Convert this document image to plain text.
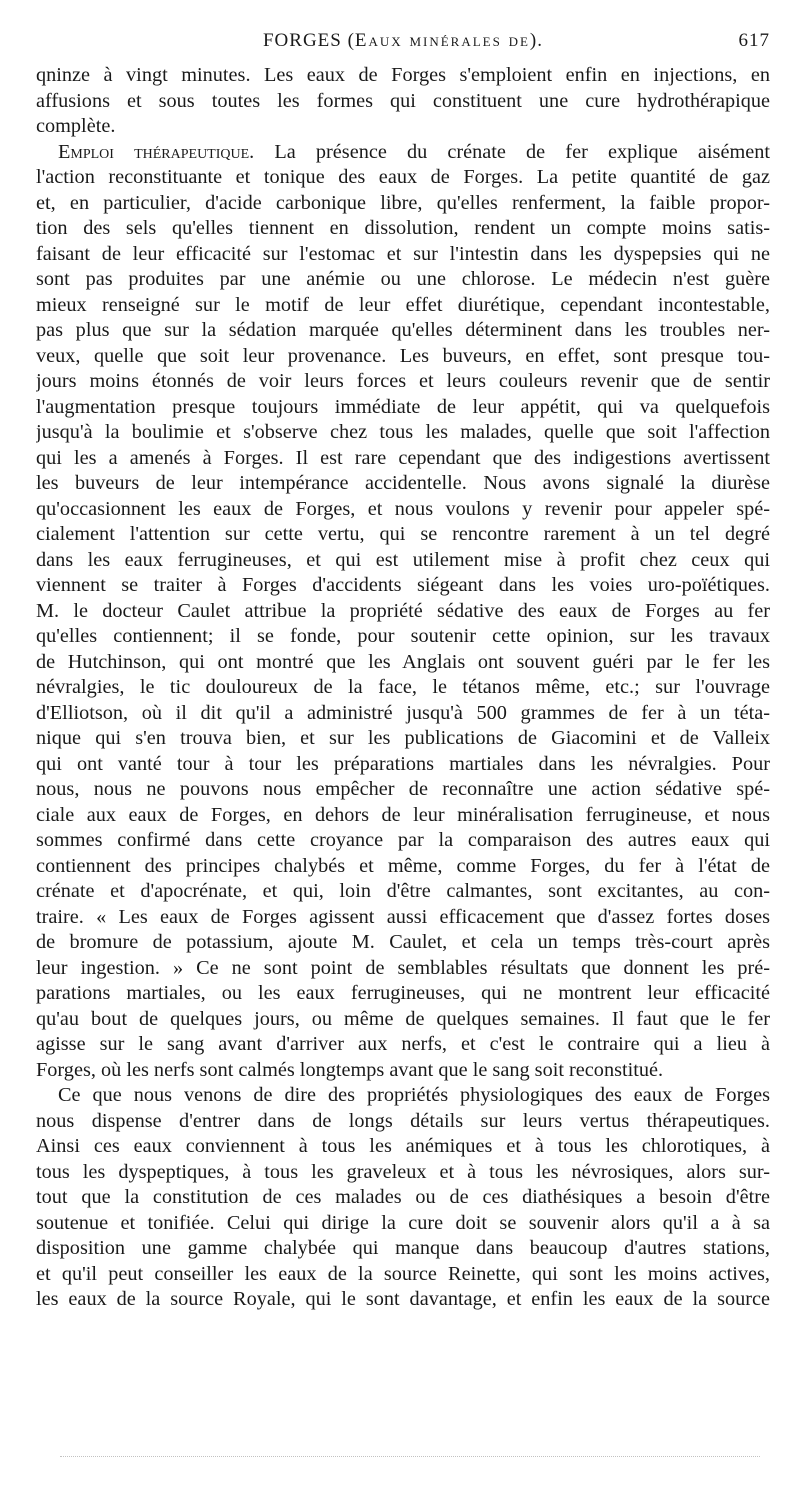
FORGES (Eaux minérales de).	617
qninze à vingt minutes. Les eaux de Forges s'emploient enfin en injections, en
affusions et sous toutes les formes qui constituent une cure hydrothérapique
complète.
Emploi thérapeutique. La présence du crénate de fer explique aisément
l'action reconstituante et tonique des eaux de Forges. La petite quantité de gaz
et, en particulier, d'acide carbonique libre, qu'elles renferment, la faible propor-
tion des sels qu'elles tiennent en dissolution, rendent un compte moins satis-
faisant de leur efficacité sur l'estomac et sur l'intestin dans les dyspepsies qui ne
sont pas produites par une anémie ou une chlorose. Le médecin n'est guère
mieux renseigné sur le motif de leur effet diurétique, cependant incontestable,
pas plus que sur la sédation marquée qu'elles déterminent dans les troubles ner-
veux, quelle que soit leur provenance. Les buveurs, en effet, sont presque tou-
jours moins étonnés de voir leurs forces et leurs couleurs revenir que de sentir
l'augmentation presque toujours immédiate de leur appétit, qui va quelquefois
jusqu'à la boulimie et s'observe chez tous les malades, quelle que soit l'affection
qui les a amenés à Forges. Il est rare cependant que des indigestions avertissent
les buveurs de leur intempérance accidentelle. Nous avons signalé la diurèse
qu'occasionnent les eaux de Forges, et nous voulons y revenir pour appeler spé-
cialement l'attention sur cette vertu, qui se rencontre rarement à un tel degré
dans les eaux ferrugineuses, et qui est utilement mise à profit chez ceux qui
viennent se traiter à Forges d'accidents siégeant dans les voies uro-poïétiques.
M. le docteur Caulet attribue la propriété sédative des eaux de Forges au fer
qu'elles contiennent; il se fonde, pour soutenir cette opinion, sur les travaux
de Hutchinson, qui ont montré que les Anglais ont souvent guéri par le fer les
névralgies, le tic douloureux de la face, le tétanos même, etc.; sur l'ouvrage
d'Elliotson, où il dit qu'il a administré jusqu'à 500 grammes de fer à un téta-
nique qui s'en trouva bien, et sur les publications de Giacomini et de Valleix
qui ont vanté tour à tour les préparations martiales dans les névralgies. Pour
nous, nous ne pouvons nous empêcher de reconnaître une action sédative spé-
ciale aux eaux de Forges, en dehors de leur minéralisation ferrugineuse, et nous
sommes confirmé dans cette croyance par la comparaison des autres eaux qui
contiennent des principes chalybés et même, comme Forges, du fer à l'état de
crénate et d'apocrénate, et qui, loin d'être calmantes, sont excitantes, au con-
traire. « Les eaux de Forges agissent aussi efficacement que d'assez fortes doses
de bromure de potassium, ajoute M. Caulet, et cela un temps très-court après
leur ingestion. » Ce ne sont point de semblables résultats que donnent les pré-
parations martiales, ou les eaux ferrugineuses, qui ne montrent leur efficacité
qu'au bout de quelques jours, ou même de quelques semaines. Il faut que le fer
agisse sur le sang avant d'arriver aux nerfs, et c'est le contraire qui a lieu à
Forges, où les nerfs sont calmés longtemps avant que le sang soit reconstitué.
Ce que nous venons de dire des propriétés physiologiques des eaux de Forges
nous dispense d'entrer dans de longs détails sur leurs vertus thérapeutiques.
Ainsi ces eaux conviennent à tous les anémiques et à tous les chlorotiques, à
tous les dyspeptiques, à tous les graveleux et à tous les névrosiques, alors sur-
tout que la constitution de ces malades ou de ces diathésiques a besoin d'être
soutenue et tonifiée. Celui qui dirige la cure doit se souvenir alors qu'il a à sa
disposition une gamme chalybée qui manque dans beaucoup d'autres stations,
et qu'il peut conseiller les eaux de la source Reinette, qui sont les moins actives,
les eaux de la source Royale, qui le sont davantage, et enfin les eaux de la source
